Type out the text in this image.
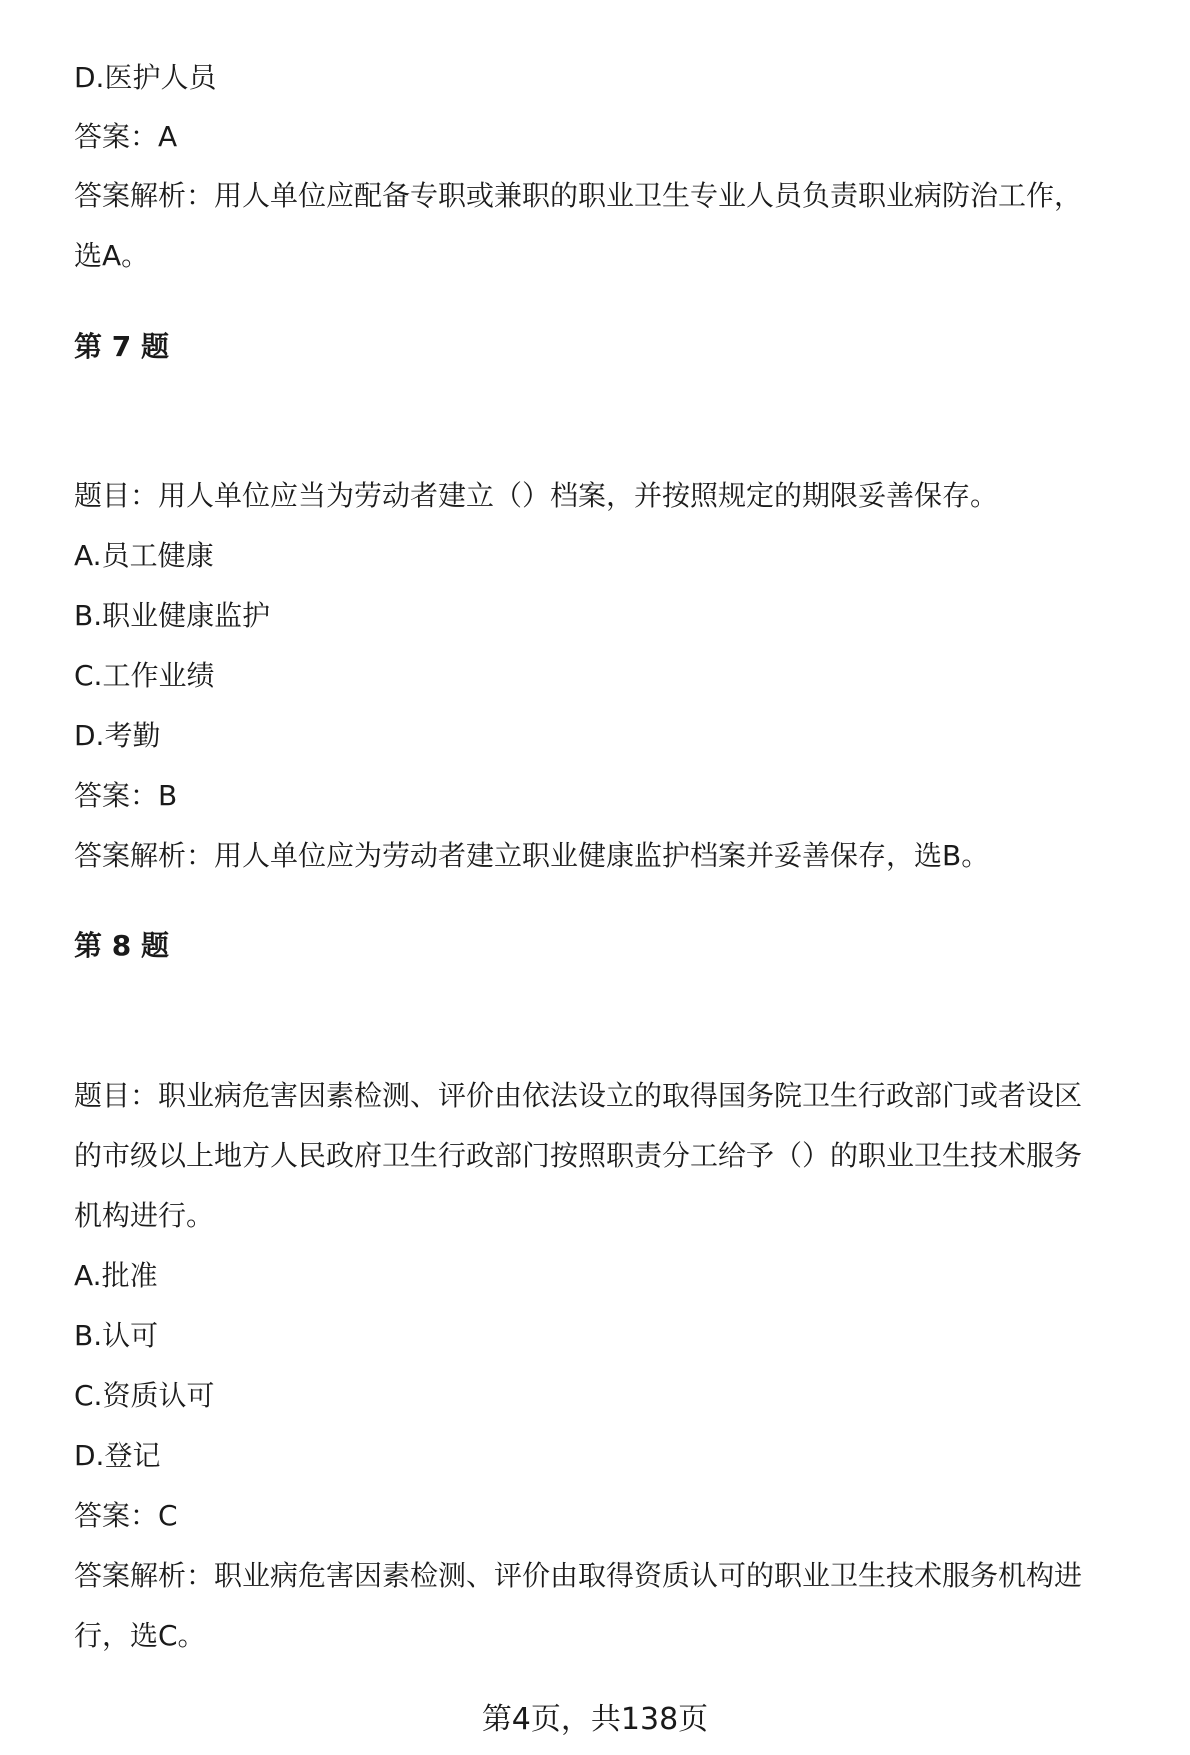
D.医护人员
答案：A
答案解析：用人单位应配备专职或兼职的职业卫生专业人员负责职业病防治工作，
选A。
第 7 题
题目：用人单位应当为劳动者建立（）档案，并按照规定的期限妥善保存。
A.员工健康
B.职业健康监护
C.工作业绩
D.考勤
答案：B
答案解析：用人单位应为劳动者建立职业健康监护档案并妥善保存，选B。
第 8 题
题目：职业病危害因素检测、评价由依法设立的取得国务院卫生行政部门或者设区
的市级以上地方人民政府卫生行政部门按照职责分工给予（）的职业卫生技术服务
机构进行。
A.批准
B.认可
C.资质认可
D.登记
答案：C
答案解析：职业病危害因素检测、评价由取得资质认可的职业卫生技术服务机构进
行，选C。
第4页，共138页
